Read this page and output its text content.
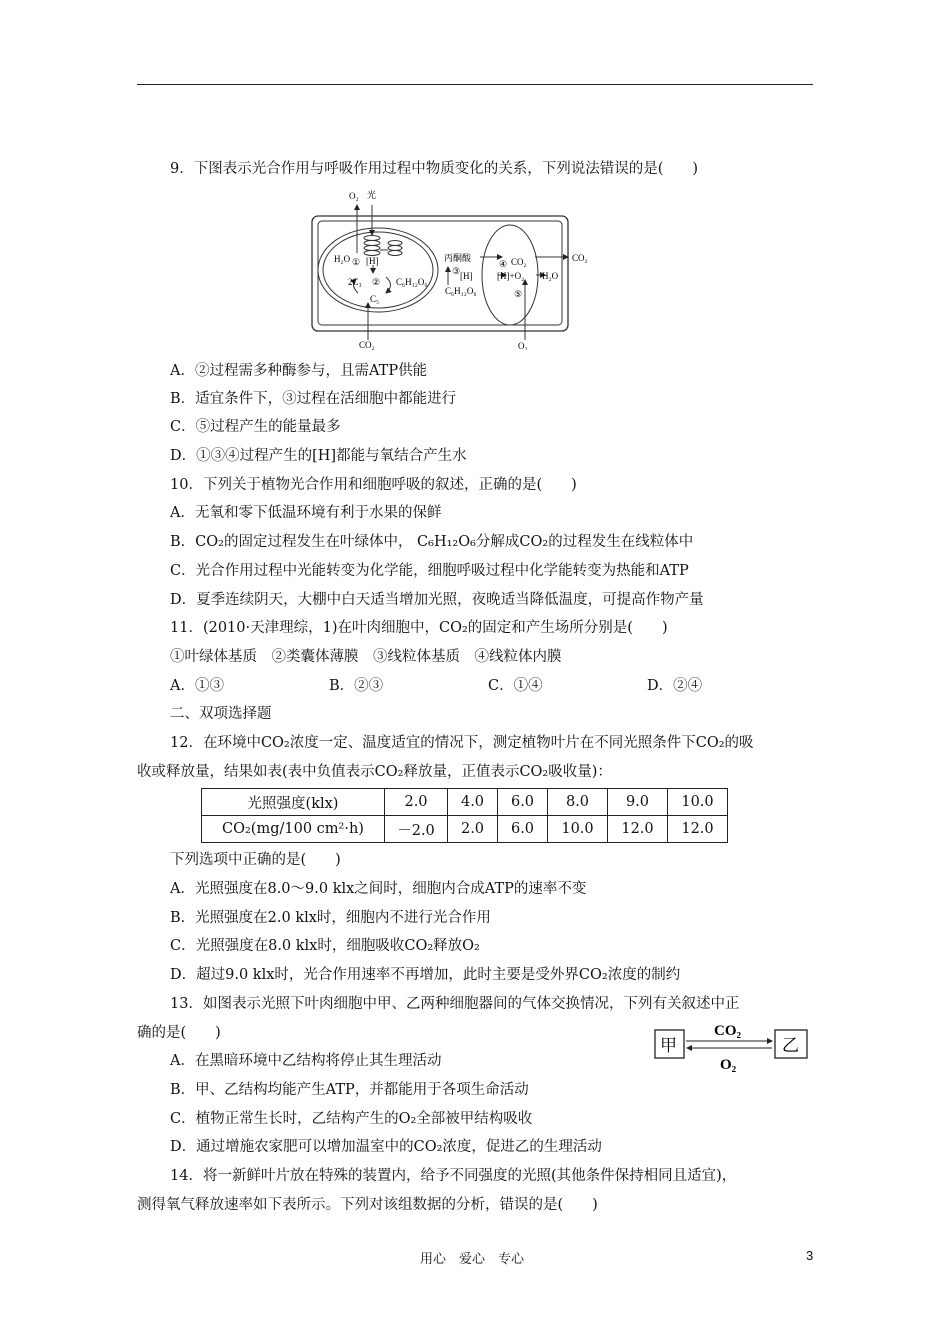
9．下图表示光合作用与呼吸作用过程中物质变化的关系，下列说法错误的是(　　)
O₂ 光
H₂O ① [H]
2C₃ ②
C₅
C₆H₁₂O₆
CO₂
丙酮酸
③ [H]
C₆H₁₂O₆
④ CO₂	CO₂
[H]+O₂ H₂O
⑤
O₂
A．②过程需多种酶参与，且需ATP供能
B．适宜条件下，③过程在活细胞中都能进行
C．⑤过程产生的能量最多
D．①③④过程产生的[H]都能与氧结合产生水
10．下列关于植物光合作用和细胞呼吸的叙述，正确的是(　　)
A．无氧和零下低温环境有利于水果的保鲜
B．CO₂的固定过程发生在叶绿体中， C₆H₁₂O₆分解成CO₂的过程发生在线粒体中
C．光合作用过程中光能转变为化学能，细胞呼吸过程中化学能转变为热能和ATP
D．夏季连续阴天，大棚中白天适当增加光照，夜晚适当降低温度，可提高作物产量
11．(2010·天津理综，1)在叶肉细胞中，CO₂的固定和产生场所分别是(　　)
①叶绿体基质　②类囊体薄膜　③线粒体基质　④线粒体内膜
A．①③	B．②③	C．①④	D．②④
二、双项选择题
12．在环境中CO₂浓度一定、温度适宜的情况下，测定植物叶片在不同光照条件下CO₂的吸
收或释放量，结果如表(表中负值表示CO₂释放量，正值表示CO₂吸收量)：
光照强度(klx)	2.0	4.0	6.0	8.0	9.0	10.0
CO₂(mg/100 cm²·h)	－2.0	2.0	6.0	10.0	12.0	12.0
下列选项中正确的是(　　)
A．光照强度在8.0～9.0 klx之间时，细胞内合成ATP的速率不变
B．光照强度在2.0 klx时，细胞内不进行光合作用
C．光照强度在8.0 klx时，细胞吸收CO₂释放O₂
D．超过9.0 klx时，光合作用速率不再增加，此时主要是受外界CO₂浓度的制约
13．如图表示光照下叶肉细胞中甲、乙两种细胞器间的气体交换情况，下列有关叙述中正
确的是(　　)
甲	乙
CO₂
O₂
A．在黑暗环境中乙结构将停止其生理活动
B．甲、乙结构均能产生ATP，并都能用于各项生命活动
C．植物正常生长时，乙结构产生的O₂全部被甲结构吸收
D．通过增施农家肥可以增加温室中的CO₂浓度，促进乙的生理活动
14．将一新鲜叶片放在特殊的装置内，给予不同强度的光照(其他条件保持相同且适宜)，
测得氧气释放速率如下表所示。下列对该组数据的分析，错误的是(　　)
用心　爱心　专心	3
